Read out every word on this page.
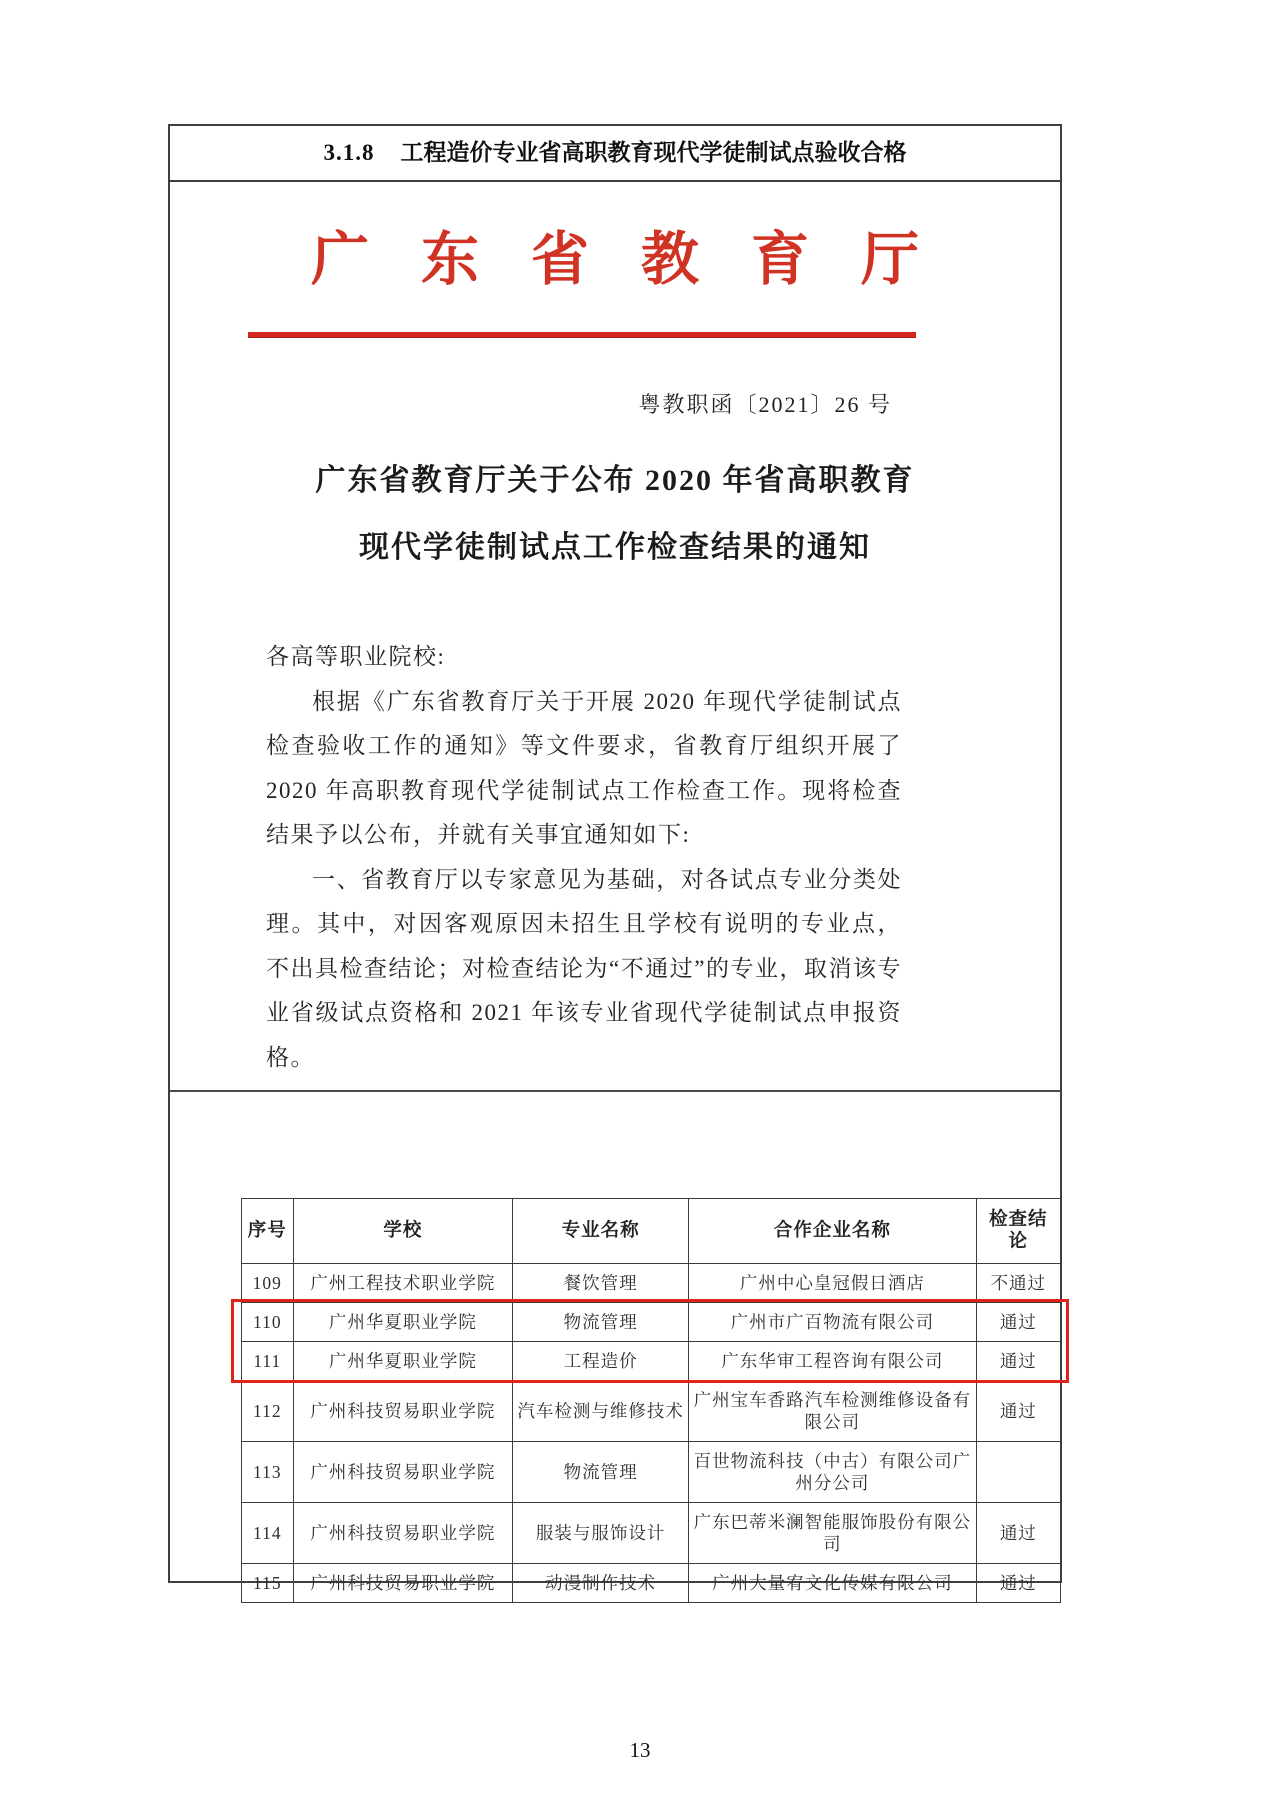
3.1.8 工程造价专业省高职教育现代学徒制试点验收合格
广东省教育厅
粤教职函〔2021〕26 号
广东省教育厅关于公布 2020 年省高职教育
现代学徒制试点工作检查结果的通知

各高等职业院校:

根据《广东省教育厅关于开展 2020 年现代学徒制试点检查验收工作的通知》等文件要求，省教育厅组织开展了 2020 年高职教育现代学徒制试点工作检查工作。现将检查结果予以公布，并就有关事宜通知如下:

一、省教育厅以专家意见为基础，对各试点专业分类处理。其中，对因客观原因未招生且学校有说明的专业点，不出具检查结论；对检查结论为“不通过”的专业，取消该专业省级试点资格和 2021 年该专业省现代学徒制试点申报资格。

序号	学校	专业名称	合作企业名称	检查结论
109	广州工程技术职业学院	餐饮管理	广州中心皇冠假日酒店	不通过
110	广州华夏职业学院	物流管理	广州市广百物流有限公司	通过
111	广州华夏职业学院	工程造价	广东华审工程咨询有限公司	通过
112	广州科技贸易职业学院	汽车检测与维修技术	广州宝车香路汽车检测维修设备有限公司	通过
113	广州科技贸易职业学院	物流管理	百世物流科技（中古）有限公司广州分公司	
114	广州科技贸易职业学院	服装与服饰设计	广东巴蒂米澜智能服饰股份有限公司	通过
115	广州科技贸易职业学院	动漫制作技术	广州大量宥文化传媒有限公司	通过
13
